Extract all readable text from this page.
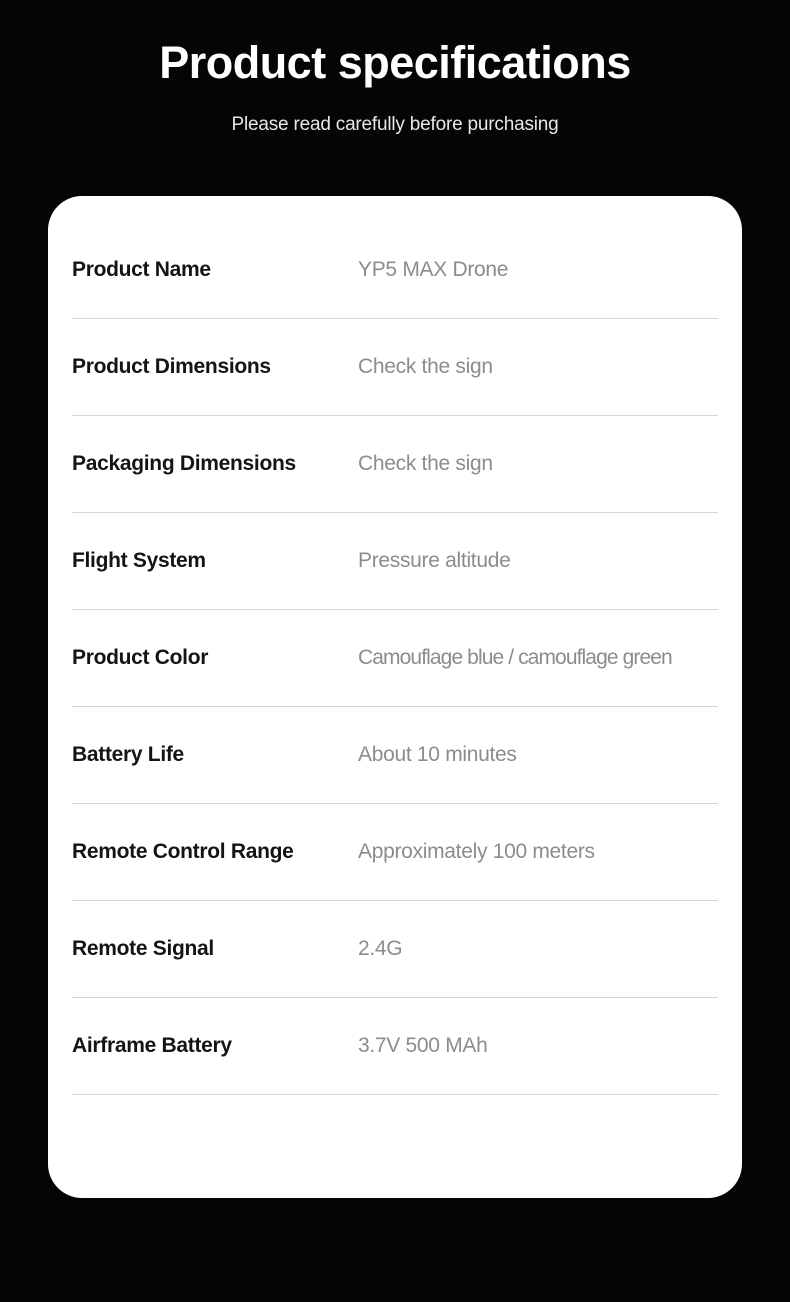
Product specifications
Please read carefully before purchasing
Product Name	YP5 MAX Drone
Product Dimensions	Check the sign
Packaging Dimensions	Check the sign
Flight System	Pressure altitude
Product Color	Camouflage blue / camouflage green
Battery Life	About 10 minutes
Remote Control Range	Approximately 100 meters
Remote Signal	2.4G
Airframe Battery	3.7V 500 MAh
